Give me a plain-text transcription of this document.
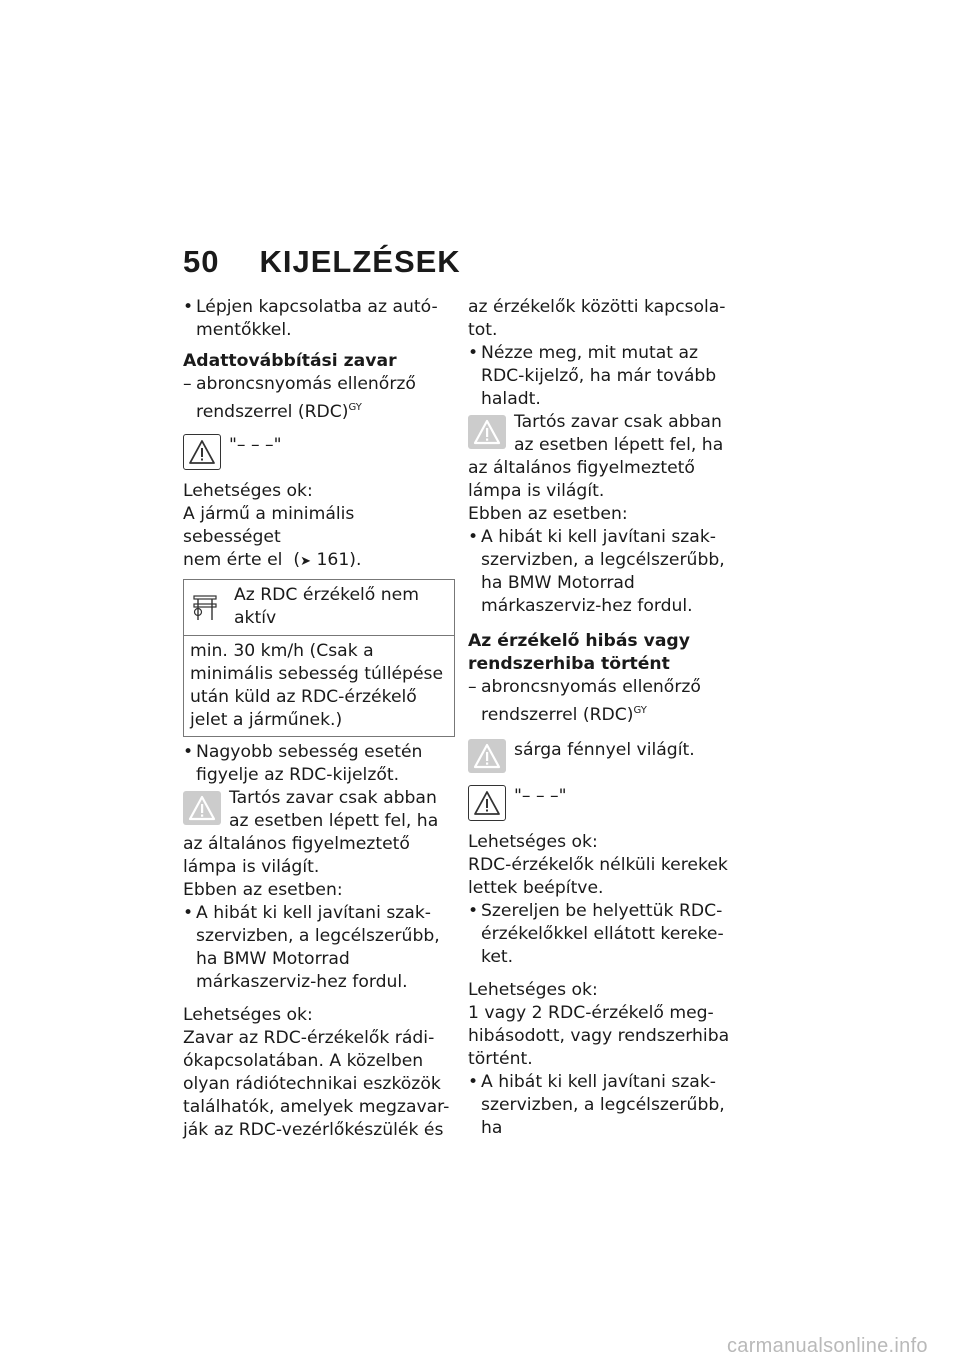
50 KIJELZÉSEK

• Lépjen kapcsolatba az autó-

mentőkkel.

Adattovábbítási zavar

– abroncsnyomás ellenőrző

rendszerrel (RDC)$^{GY}$

"– – –"

Lehetséges ok:

A jármű a minimális sebességet

nem érte el  (➤ 161).

Az RDC érzékelő nem aktív
min. 30 km/h (Csak a minimális sebesség túllépése után küld az RDC-érzékelő jelet a járműnek.)

• Nagyobb sebesség esetén

figyelje az RDC-kijelzőt.

Tartós zavar csak abban

az esetben lépett fel, ha az általános figyelmeztető lámpa is világít.

Ebben az esetben:

• A hibát ki kell javítani szak-

szervizben, a legcélszerűbb, ha BMW Motorrad márkaszerviz-hez fordul.

Lehetséges ok:

Zavar az RDC-érzékelők rádi-ókapcsolatában. A közelben olyan rádiótechnikai eszközök találhatók, amelyek megzavar-ják az RDC-vezérlőkészülék és

az érzékelők közötti kapcsola-tot.

• Nézze meg, mit mutat az

RDC-kijelző, ha már tovább haladt.

Tartós zavar csak abban

az esetben lépett fel, ha az általános figyelmeztető lámpa is világít.

Ebben az esetben:

• A hibát ki kell javítani szak-

szervizben, a legcélszerűbb, ha BMW Motorrad márkaszerviz-hez fordul.

Az érzékelő hibás vagy rendszerhiba történt

– abroncsnyomás ellenőrző

rendszerrel (RDC)$^{GY}$

sárga fénnyel világít.

"– – –"

Lehetséges ok:

RDC-érzékelők nélküli kerekek lettek beépítve.

• Szereljen be helyettük RDC-

érzékelőkkel ellátott kereke-ket.

Lehetséges ok:

1 vagy 2 RDC-érzékelő meg-hibásodott, vagy rendszerhiba történt.

• A hibát ki kell javítani szak-

szervizben, a legcélszerűbb, ha

carmanualsonline.info
